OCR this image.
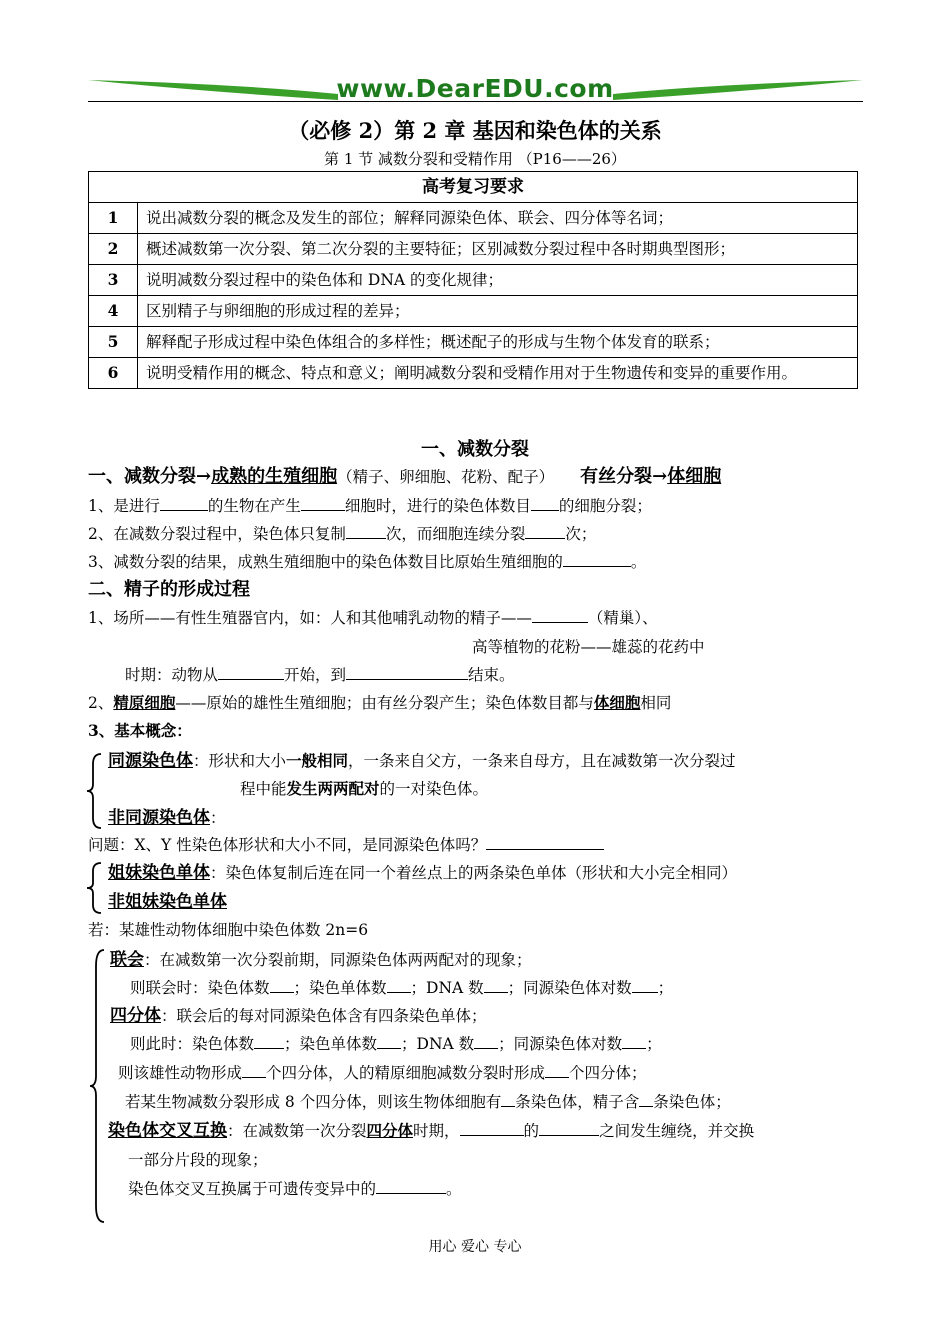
www.DearEDU.com
（必修 2）第 2 章 基因和染色体的关系
第 1 节 减数分裂和受精作用 （P16——26）
高考复习要求	
1	说出减数分裂的概念及发生的部位；解释同源染色体、联会、四分体等名词；
2	概述减数第一次分裂、第二次分裂的主要特征；区别减数分裂过程中各时期典型图形；
3	说明减数分裂过程中的染色体和 DNA 的变化规律；
4	区别精子与卵细胞的形成过程的差异；
5	解释配子形成过程中染色体组合的多样性；概述配子的形成与生物个体发育的联系；
6	说明受精作用的概念、特点和意义；阐明减数分裂和受精作用对于生物遗传和变异的重要作用。
一、减数分裂
一、减数分裂→成熟的生殖细胞（精子、卵细胞、花粉、配子） 有丝分裂→体细胞
1、是进行	的生物在产生	细胞时，进行的染色体数目 的细胞分裂；
2、在减数分裂过程中，染色体只复制	次，而细胞连续分裂	次；
3、减数分裂的结果，成熟生殖细胞中的染色体数目比原始生殖细胞的	。
二、精子的形成过程
1、场所——有性生殖器官内，如：人和其他哺乳动物的精子——	（精巢）、
高等植物的花粉——雄蕊的花药中
时期：动物从	开始，到	结束。
2、精原细胞——原始的雄性生殖细胞；由有丝分裂产生；染色体数目都与体细胞相同
3、基本概念：
同源染色体：形状和大小一般相同，一条来自父方，一条来自母方，且在减数第一次分裂过
程中能发生两两配对的一对染色体。
非同源染色体：
问题：X、Y 性染色体形状和大小不同，是同源染色体吗？
姐妹染色单体：染色体复制后连在同一个着丝点上的两条染色单体（形状和大小完全相同）
非姐妹染色单体
若：某雄性动物体细胞中染色体数 2n=6
联会：在减数第一次分裂前期，同源染色体两两配对的现象；
则联会时：染色体数 ；染色单体数 ；DNA 数 ；同源染色体对数 ；
四分体：联会后的每对同源染色体含有四条染色单体；
则此时：染色体数 ；染色单体数 ；DNA 数 ；同源染色体对数 ；
则该雄性动物形成 个四分体，人的精原细胞减数分裂时形成 个四分体；
若某生物减数分裂形成 8 个四分体，则该生物体细胞有 条染色体，精子含 条染色体；
染色体交叉互换：在减数第一次分裂四分体时期，	的	之间发生缠绕，并交换
一部分片段的现象；
染色体交叉互换属于可遗传变异中的	。
用心 爱心 专心
